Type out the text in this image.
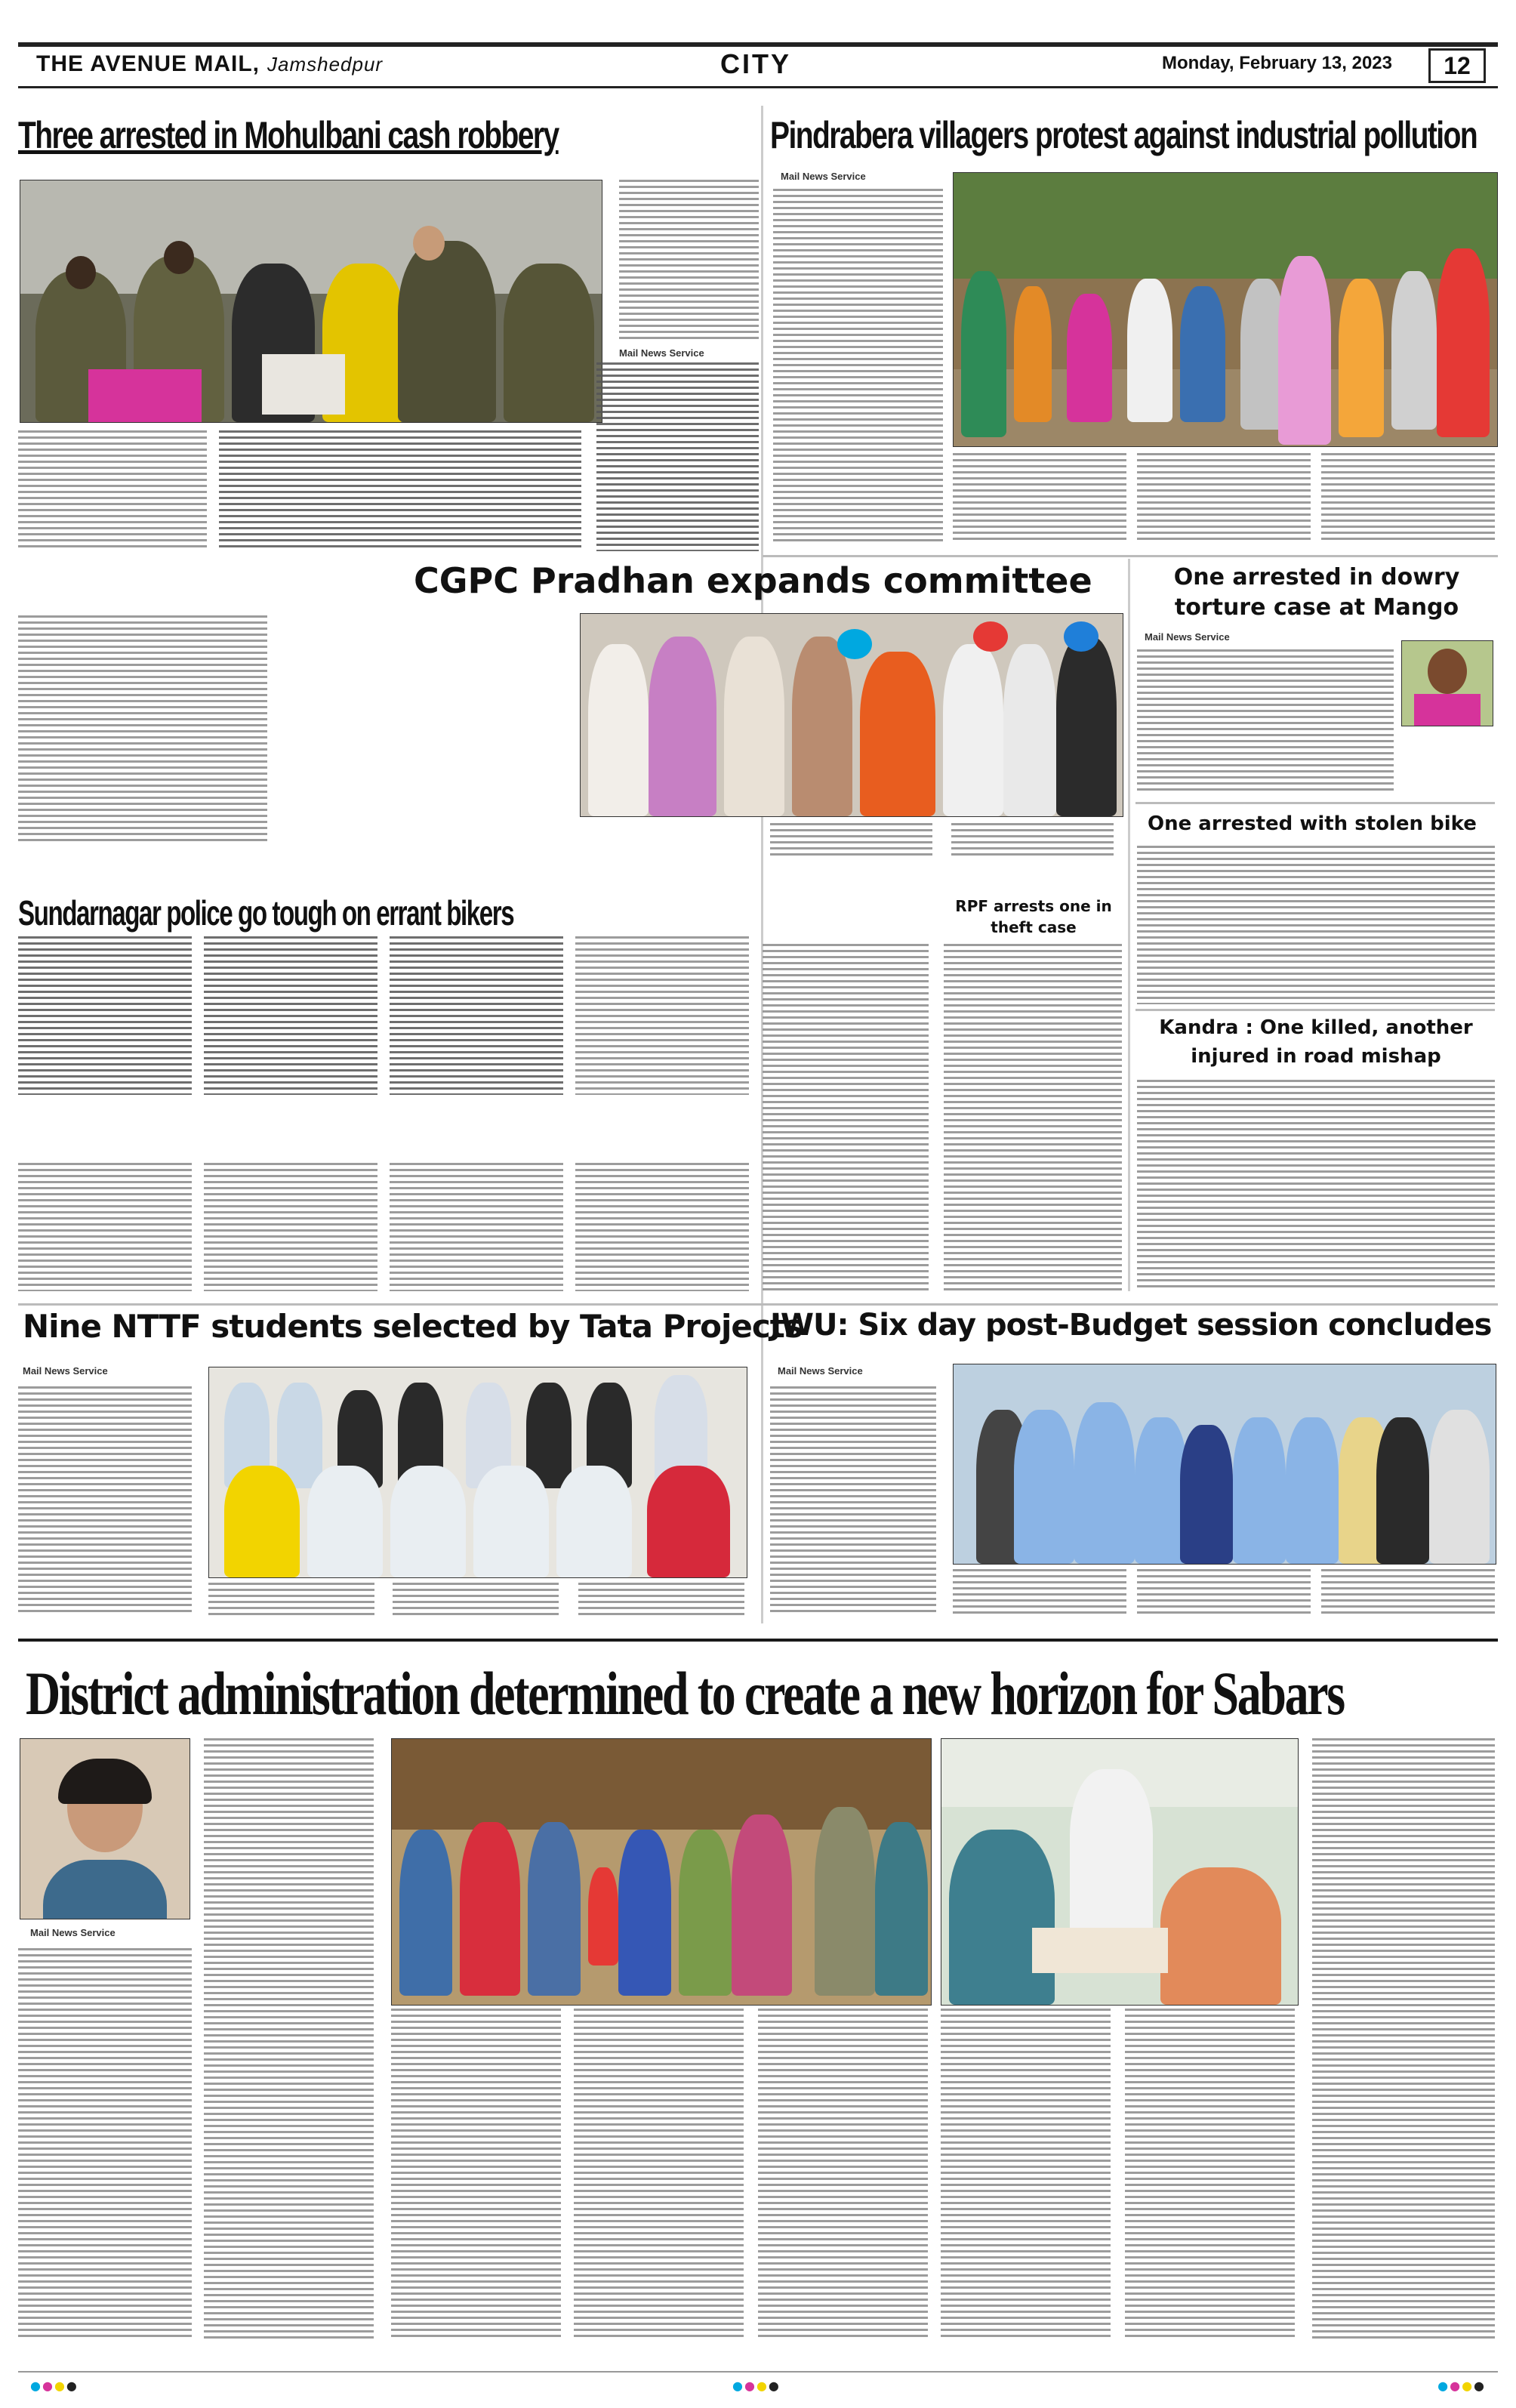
THE AVENUE MAIL, Jamshedpur	CITY	Monday, February 13, 2023	12
Three arrested in Mohulbani cash robbery
Mail News Service
Pindrabera villagers protest against industrial pollution
Mail News Service
CGPC Pradhan expands committee	One arrested in dowry torture case at Mango
Mail News Service
One arrested with stolen bike
Kandra : One killed, another injured in road mishap
Sundarnagar police go tough on errant bikers	RPF arrests one in theft case
Nine NTTF students selected by Tata Projects
Mail News Service
JWU: Six day post-Budget session concludes
Mail News Service
District administration determined to create a new horizon for Sabars
Mail News Service
●●●●	●●●●	●●●●
